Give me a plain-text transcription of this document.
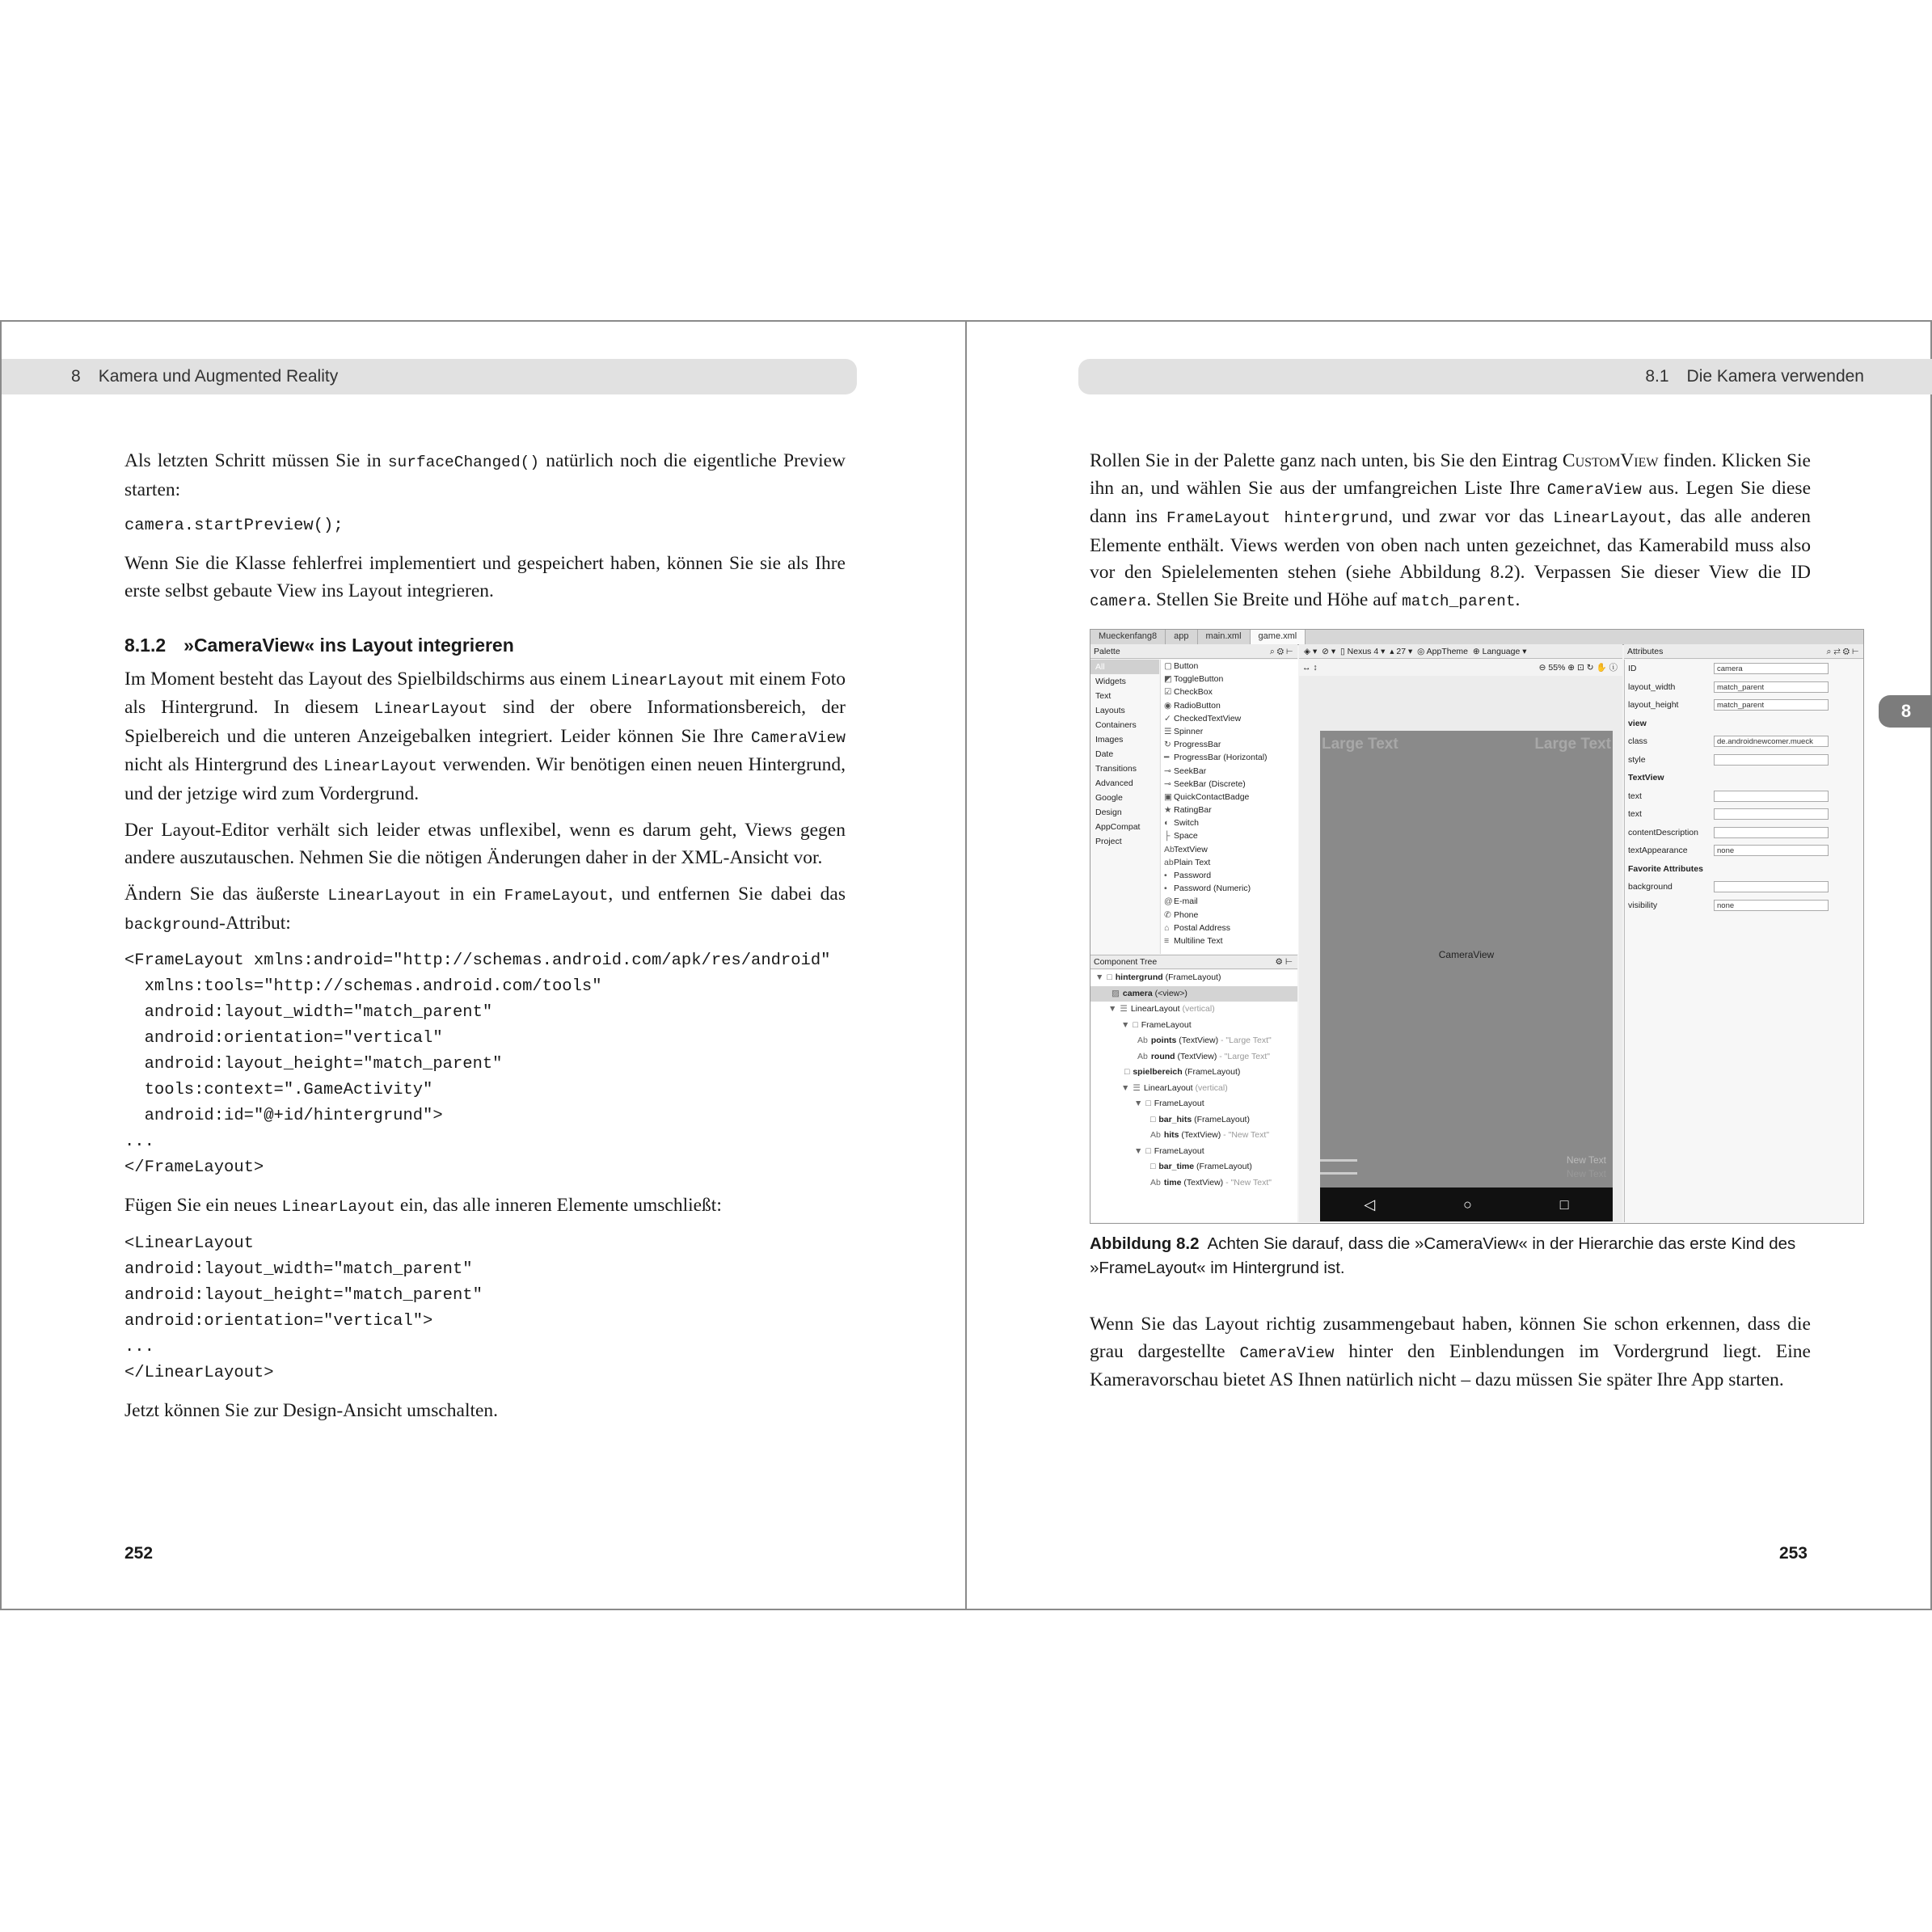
8 Kamera und Augmented Reality

Als letzten Schritt müssen Sie in surfaceChanged() natürlich noch die eigentliche Preview starten:

camera.startPreview();

Wenn Sie die Klasse fehlerfrei implementiert und gespeichert haben, können Sie sie als Ihre erste selbst gebaute View ins Layout integrieren.

8.1.2 »CameraView« ins Layout integrieren

Im Moment besteht das Layout des Spielbildschirms aus einem LinearLayout mit einem Foto als Hintergrund. In diesem LinearLayout sind der obere Informationsbereich, der Spielbereich und die unteren Anzeigebalken integriert. Leider können Sie Ihre CameraView nicht als Hintergrund des LinearLayout verwenden. Wir benötigen einen neuen Hintergrund, und der jetzige wird zum Vordergrund.

Der Layout-Editor verhält sich leider etwas unflexibel, wenn es darum geht, Views gegen andere auszutauschen. Nehmen Sie die nötigen Änderungen daher in der XML-Ansicht vor.

Ändern Sie das äußerste LinearLayout in ein FrameLayout, und entfernen Sie dabei das background-Attribut:

<FrameLayout xmlns:android="http://schemas.android.com/apk/res/android"
xmlns:tools="http://schemas.android.com/tools"
android:layout_width="match_parent"
android:orientation="vertical"
android:layout_height="match_parent"
tools:context=".GameActivity"
android:id="@+id/hintergrund">
...
</FrameLayout>

Fügen Sie ein neues LinearLayout ein, das alle inneren Elemente umschließt:

<LinearLayout
android:layout_width="match_parent"
android:layout_height="match_parent"
android:orientation="vertical">
...
</LinearLayout>

Jetzt können Sie zur Design-Ansicht umschalten.

252
8.1 Die Kamera verwenden
8

Rollen Sie in der Palette ganz nach unten, bis Sie den Eintrag CustomView finden. Klicken Sie ihn an, und wählen Sie aus der umfangreichen Liste Ihre CameraView aus. Legen Sie diese dann ins FrameLayout hintergrund, und zwar vor das LinearLayout, das alle anderen Elemente enthält. Views werden von oben nach unten gezeichnet, das Kamerabild muss also vor den Spielelementen stehen (siehe Abbildung 8.2). Verpassen Sie dieser View die ID camera. Stellen Sie Breite und Höhe auf match_parent.

Mueckenfang8	app	main.xml	game.xml
Palette	⌕ ⚙ ⊢
All
Widgets
Text
Layouts
Containers
Images
Date
Transitions
Advanced
Google
Design
AppCompat
Project
▢ Button
◩ ToggleButton
☑ CheckBox
◉ RadioButton
✓ CheckedTextView
☰ Spinner
↻ ProgressBar
━ ProgressBar (Horizontal)
⊸ SeekBar
⊸ SeekBar (Discrete)
▣ QuickContactBadge
★ RatingBar
◐ Switch
├ Space
AbTextView
abPlain Text
• Password
• Password (Numeric)
@E-mail
✆ Phone
⌂ Postal Address
≡ Multiline Text
Component Tree	⚙ ⊢
▼ □ hintergrund (FrameLayout)
▨ camera (<view>)
▼ ☰ LinearLayout (vertical)
▼ □ FrameLayout
Ab points (TextView) - "Large Text"
Ab round (TextView) - "Large Text"
□ spielbereich (FrameLayout)
▼ ☰ LinearLayout (vertical)
▼ □ FrameLayout
□ bar_hits (FrameLayout)
Ab hits (TextView) - "New Text"
▼ □ FrameLayout
□ bar_time (FrameLayout)
Ab time (TextView) - "New Text"
◈ ▾ ⊘ ▾ ▯ Nexus 4 ▾  ▴ 27 ▾  ◎ AppTheme ⊕ Language ▾
↔ ↕	⊖ 55% ⊕ ⊡ ↻ ✋ ⓘ
Large Text	Large Text
CameraView
New Text
New Text
◁	○	□
Attributes	⌕ ⇄ ⚙ ⊢
ID	camera
layout_width	match_parent
layout_height	match_parent
view
class	de.androidnewcomer.mueck
style
TextView
text
text
contentDescription
textAppearance	none
Favorite Attributes
background
visibility	none
Abbildung 8.2 Achten Sie darauf, dass die »CameraView« in der Hierarchie das erste Kind des »FrameLayout« im Hintergrund ist.

Wenn Sie das Layout richtig zusammengebaut haben, können Sie schon erkennen, dass die grau dargestellte CameraView hinter den Einblendungen im Vordergrund liegt. Eine Kameravorschau bietet AS Ihnen natürlich nicht – dazu müssen Sie später Ihre App starten.

253
